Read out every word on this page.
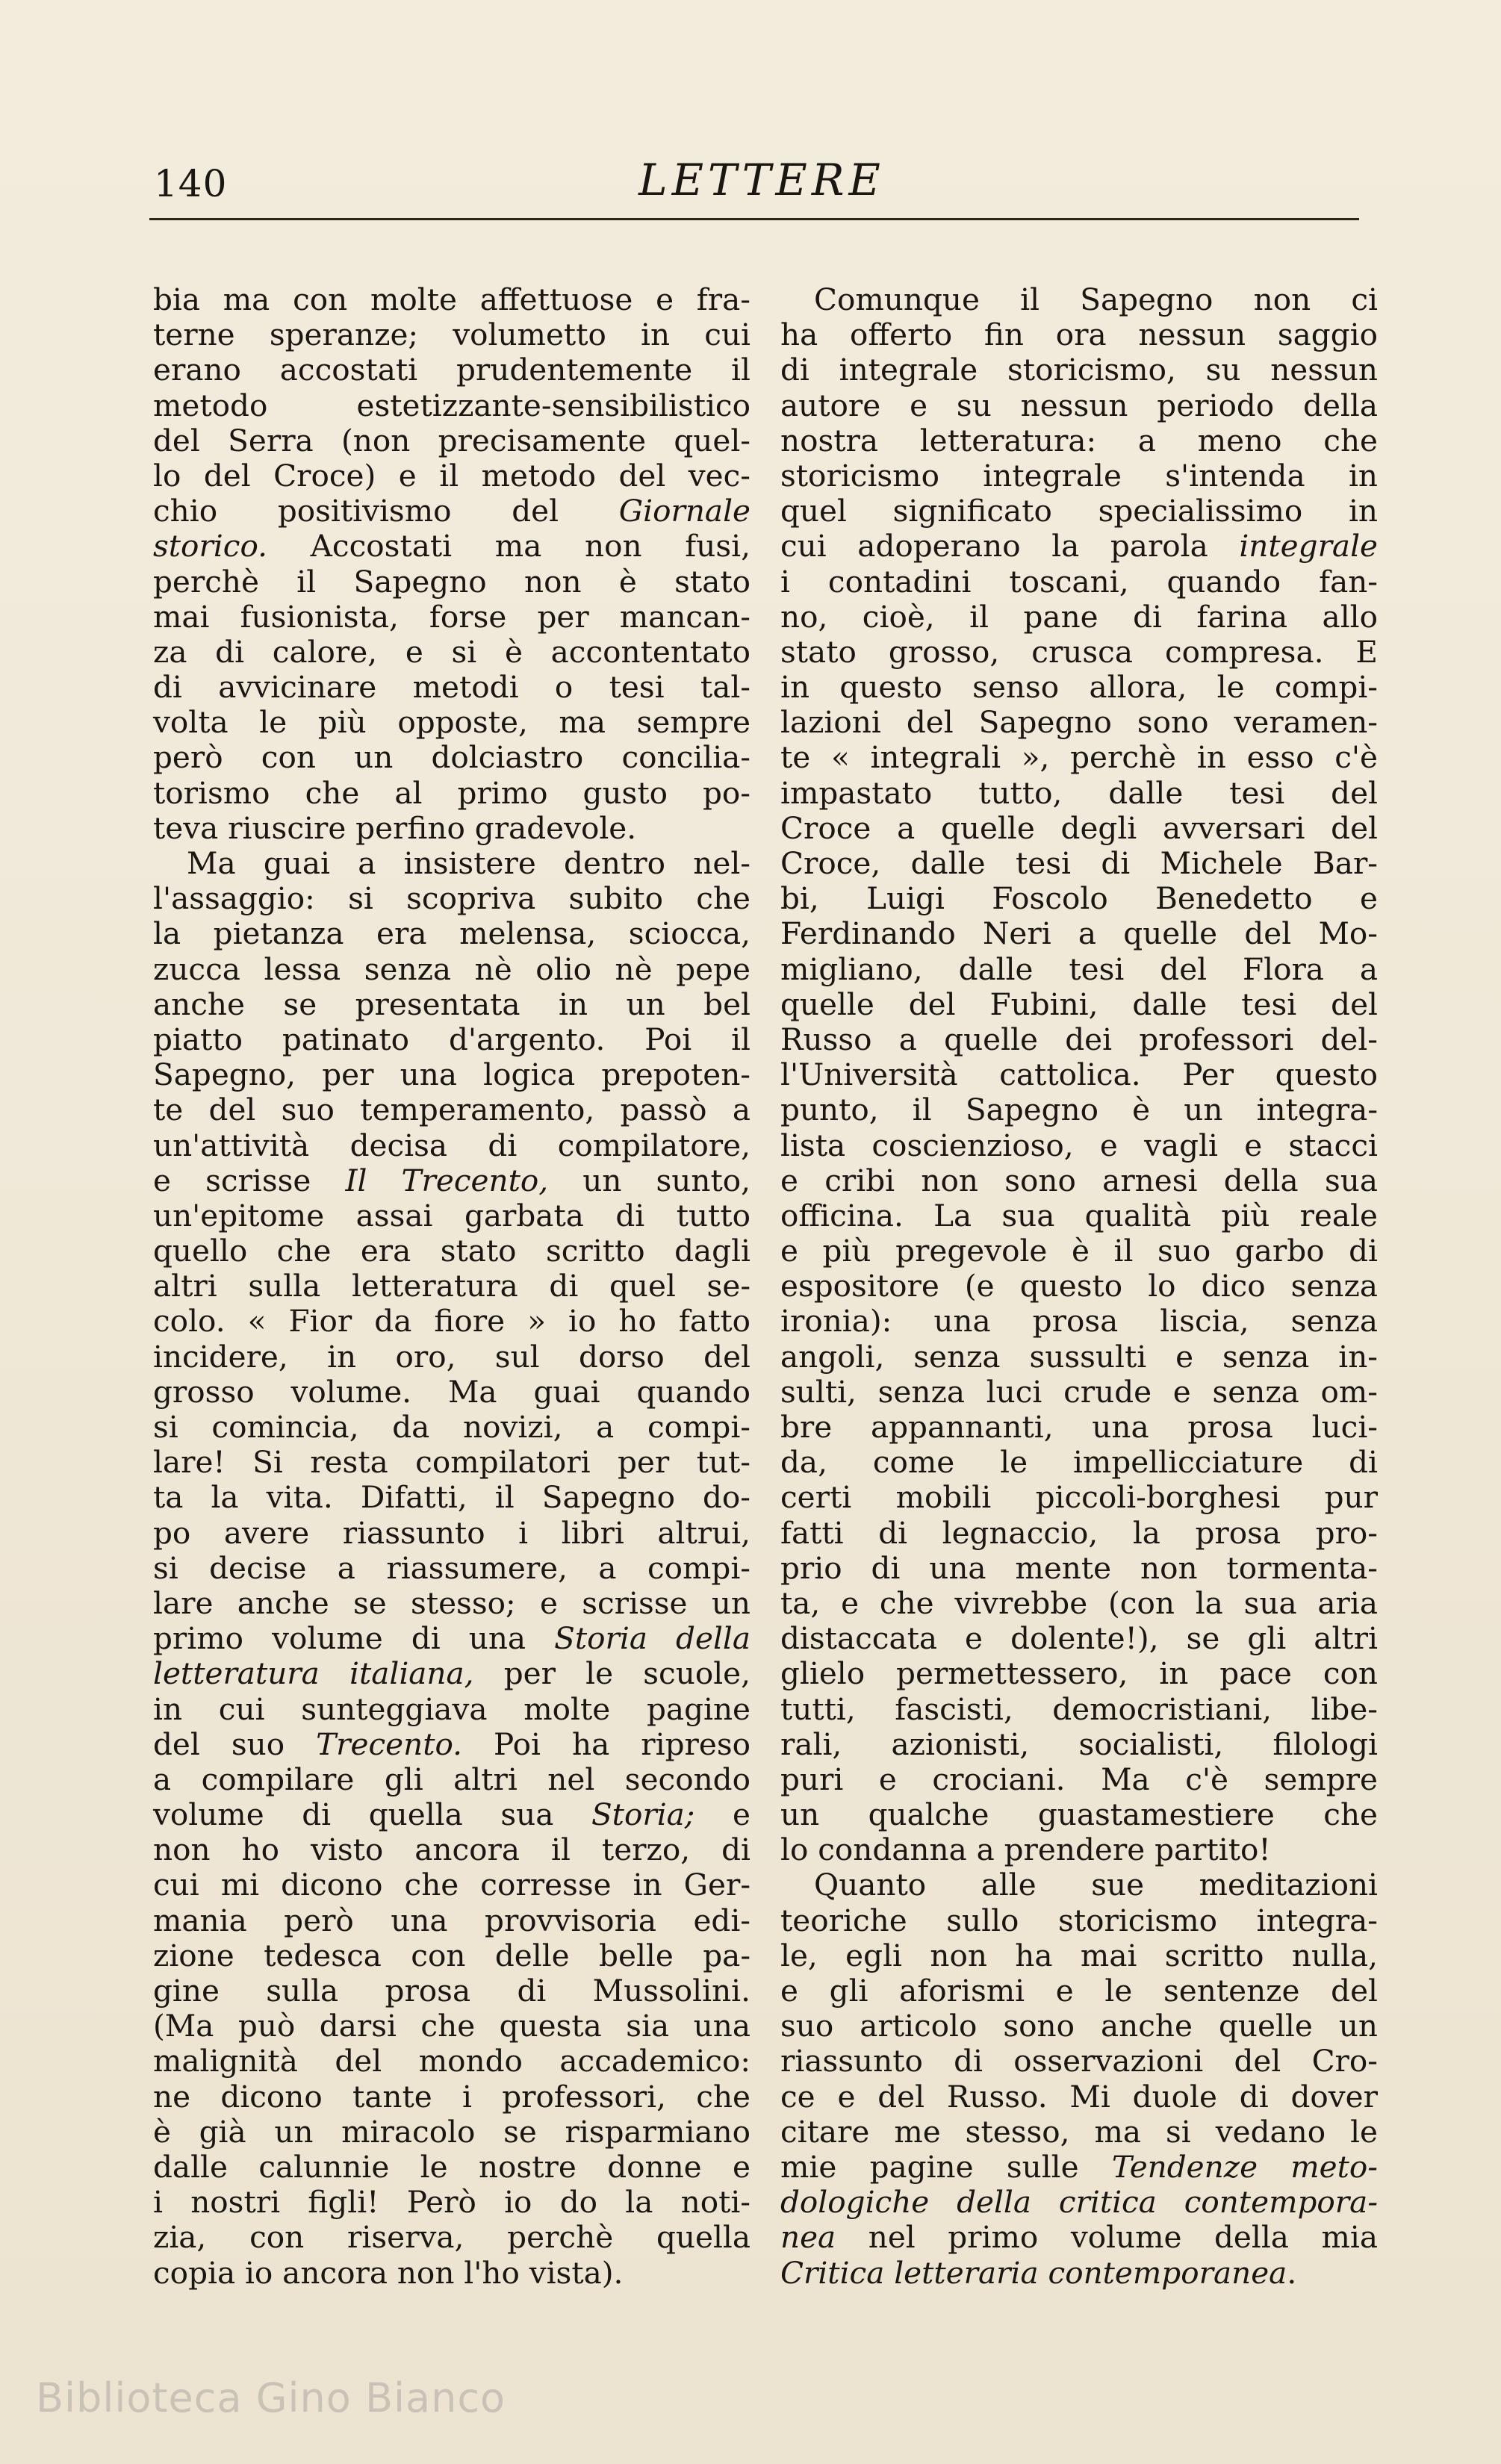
140	LETTERE
bia ma con molte affettuose e fra-
terne speranze; volumetto in cui
erano accostati prudentemente il
metodo estetizzante-sensibilistico
del Serra (non precisamente quel-
lo del Croce) e il metodo del vec-
chio positivismo del Giornale
storico. Accostati ma non fusi,
perchè il Sapegno non è stato
mai fusionista, forse per mancan-
za di calore, e si è accontentato
di avvicinare metodi o tesi tal-
volta le più opposte, ma sempre
però con un dolciastro concilia-
torismo che al primo gusto po-
teva riuscire perfino gradevole.
Ma guai a insistere dentro nel-
l'assaggio: si scopriva subito che
la pietanza era melensa, sciocca,
zucca lessa senza nè olio nè pepe
anche se presentata in un bel
piatto patinato d'argento. Poi il
Sapegno, per una logica prepoten-
te del suo temperamento, passò a
un'attività decisa di compilatore,
e scrisse Il Trecento, un sunto,
un'epitome assai garbata di tutto
quello che era stato scritto dagli
altri sulla letteratura di quel se-
colo. « Fior da fiore » io ho fatto
incidere, in oro, sul dorso del
grosso volume. Ma guai quando
si comincia, da novizi, a compi-
lare! Si resta compilatori per tut-
ta la vita. Difatti, il Sapegno do-
po avere riassunto i libri altrui,
si decise a riassumere, a compi-
lare anche se stesso; e scrisse un
primo volume di una Storia della
letteratura italiana, per le scuole,
in cui sunteggiava molte pagine
del suo Trecento. Poi ha ripreso
a compilare gli altri nel secondo
volume di quella sua Storia; e
non ho visto ancora il terzo, di
cui mi dicono che corresse in Ger-
mania però una provvisoria edi-
zione tedesca con delle belle pa-
gine sulla prosa di Mussolini.
(Ma può darsi che questa sia una
malignità del mondo accademico:
ne dicono tante i professori, che
è già un miracolo se risparmiano
dalle calunnie le nostre donne e
i nostri figli! Però io do la noti-
zia, con riserva, perchè quella
copia io ancora non l'ho vista).
Comunque il Sapegno non ci
ha offerto fin ora nessun saggio
di integrale storicismo, su nessun
autore e su nessun periodo della
nostra letteratura: a meno che
storicismo integrale s'intenda in
quel significato specialissimo in
cui adoperano la parola integrale
i contadini toscani, quando fan-
no, cioè, il pane di farina allo
stato grosso, crusca compresa. E
in questo senso allora, le compi-
lazioni del Sapegno sono veramen-
te « integrali », perchè in esso c'è
impastato tutto, dalle tesi del
Croce a quelle degli avversari del
Croce, dalle tesi di Michele Bar-
bi, Luigi Foscolo Benedetto e
Ferdinando Neri a quelle del Mo-
migliano, dalle tesi del Flora a
quelle del Fubini, dalle tesi del
Russo a quelle dei professori del-
l'Università cattolica. Per questo
punto, il Sapegno è un integra-
lista coscienzioso, e vagli e stacci
e cribi non sono arnesi della sua
officina. La sua qualità più reale
e più pregevole è il suo garbo di
espositore (e questo lo dico senza
ironia): una prosa liscia, senza
angoli, senza sussulti e senza in-
sulti, senza luci crude e senza om-
bre appannanti, una prosa luci-
da, come le impellicciature di
certi mobili piccoli-borghesi pur
fatti di legnaccio, la prosa pro-
prio di una mente non tormenta-
ta, e che vivrebbe (con la sua aria
distaccata e dolente!), se gli altri
glielo permettessero, in pace con
tutti, fascisti, democristiani, libe-
rali, azionisti, socialisti, filologi
puri e crociani. Ma c'è sempre
un qualche guastamestiere che
lo condanna a prendere partito!
Quanto alle sue meditazioni
teoriche sullo storicismo integra-
le, egli non ha mai scritto nulla,
e gli aforismi e le sentenze del
suo articolo sono anche quelle un
riassunto di osservazioni del Cro-
ce e del Russo. Mi duole di dover
citare me stesso, ma si vedano le
mie pagine sulle Tendenze meto-
dologiche della critica contempora-
nea nel primo volume della mia
Critica letteraria contemporanea.
Biblioteca Gino Bianco
